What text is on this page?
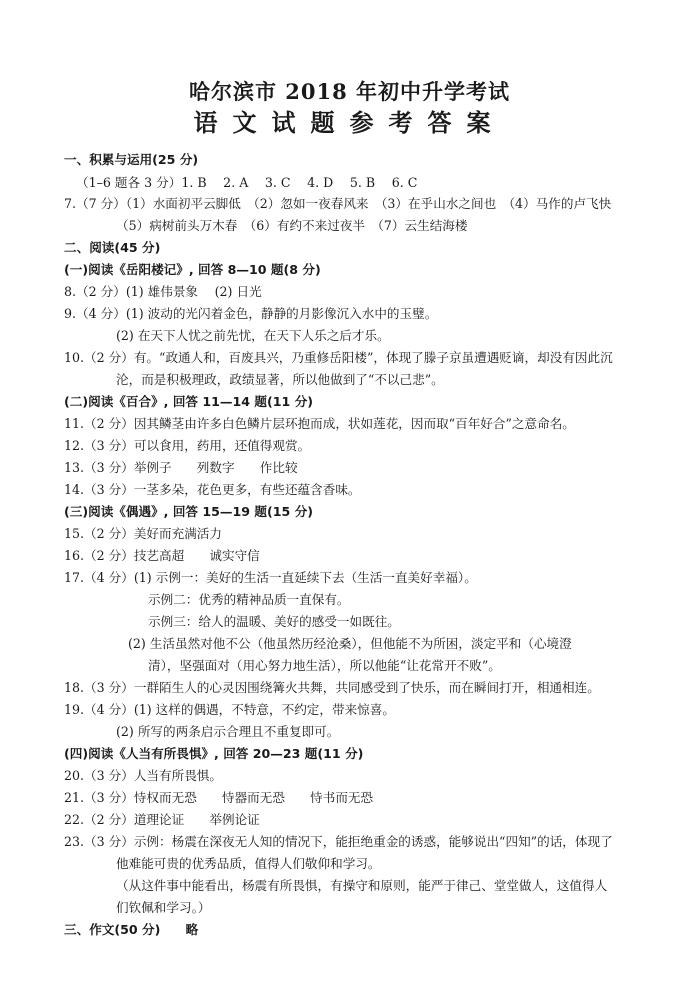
哈尔滨市 2018 年初中升学考试
语文试题参考答案
一、积累与运用(25 分)
（1–6 题各 3 分）1. B　 2. A　 3. C　 4. D　 5. B　 6. C
7.（7 分）（1）水面初平云脚低　（2）忽如一夜春风来　（3）在乎山水之间也　（4）马作的卢飞快
（5）病树前头万木春　（6）有约不来过夜半　（7）云生结海楼
二、阅读(45 分)
(一)阅读《岳阳楼记》, 回答 8—10 题(8 分)
8.（2 分）(1) 雄伟景象　 (2) 日光
9.（4 分）(1) 波动的光闪着金色，静静的月影像沉入水中的玉璧。
(2) 在天下人忧之前先忧，在天下人乐之后才乐。
10.（2 分）有。“政通人和，百废具兴，乃重修岳阳楼”，体现了滕子京虽遭遇贬谪，却没有因此沉
沦，而是积极理政，政绩显著，所以他做到了“不以己悲”。
(二)阅读《百合》, 回答 11—14 题(11 分)
11.（2 分）因其鳞茎由许多白色鳞片层环抱而成，状如莲花，因而取“百年好合”之意命名。
12.（3 分）可以食用，药用，还值得观赏。
13.（3 分）举例子　　列数字　　作比较
14.（3 分）一茎多朵，花色更多，有些还蕴含香味。
(三)阅读《偶遇》, 回答 15—19 题(15 分)
15.（2 分）美好而充满活力
16.（2 分）技艺高超　　诚实守信
17.（4 分）(1) 示例一：美好的生活一直延续下去（生活一直美好幸福）。
示例二：优秀的精神品质一直保有。
示例三：给人的温暖、美好的感受一如既往。
(2) 生活虽然对他不公（他虽然历经沧桑），但他能不为所困，淡定平和（心境澄
清），坚强面对（用心努力地生活），所以他能“让花常开不败”。
18.（3 分）一群陌生人的心灵因围绕篝火共舞，共同感受到了快乐，而在瞬间打开，相通相连。
19.（4 分）(1) 这样的偶遇，不特意，不约定，带来惊喜。
(2) 所写的两条启示合理且不重复即可。
(四)阅读《人当有所畏惧》, 回答 20—23 题(11 分)
20.（3 分）人当有所畏惧。
21.（3 分）恃权而无恐　　恃器而无恐　　恃书而无恐
22.（2 分）道理论证　　举例论证
23.（3 分）示例：杨震在深夜无人知的情况下，能拒绝重金的诱惑，能够说出“四知”的话，体现了
他难能可贵的优秀品质，值得人们敬仰和学习。
（从这件事中能看出，杨震有所畏惧，有操守和原则，能严于律己、堂堂做人，这值得人
们钦佩和学习。）
三、作文(50 分)　　略
